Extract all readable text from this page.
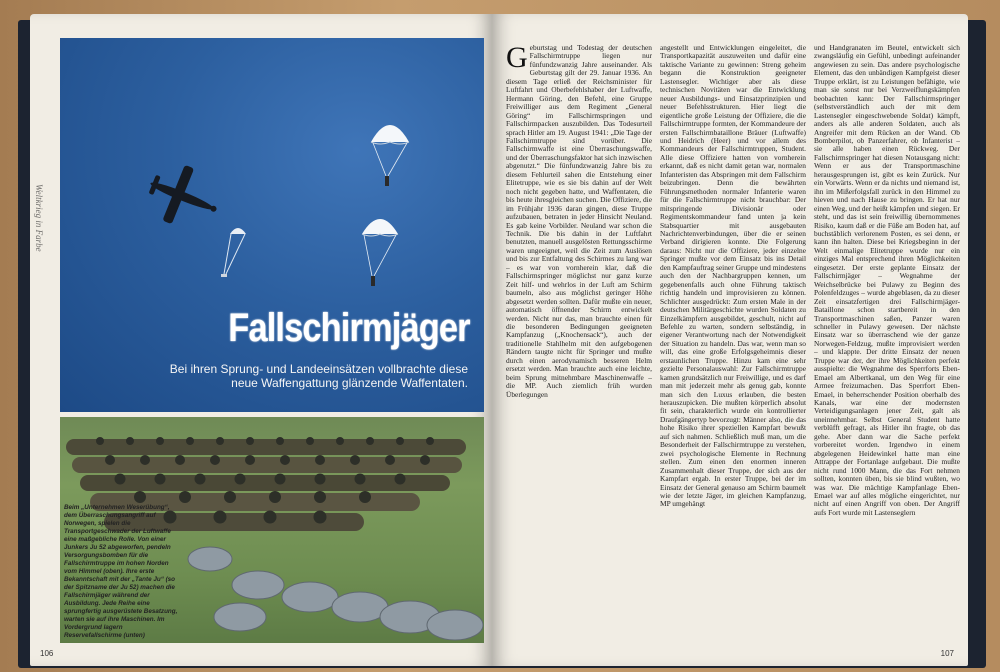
Weltkrieg in Farbe
Fallschirmjäger
Bei ihren Sprung- und Landeeinsätzen vollbrachte diese neue Waffengattung glänzende Waffentaten.
Beim „Unternehmen Weserübung“, dem Überraschungsangriff auf Norwegen, spielen die Transportgeschwader der Luftwaffe eine maßgebliche Rolle. Von einer Junkers Ju 52 abgeworfen, pendeln Versorgungsbomben für die Fallschirmtruppe im hohen Norden vom Himmel (oben). Ihre erste Bekanntschaft mit der „Tante Ju“ (so der Spitzname der Ju 52) machen die Fallschirmjäger während der Ausbildung. Jede Reihe eine sprungfertig ausgerüstete Besatzung, warten sie auf ihre Maschinen. Im Vordergrund lagern Reservefallschirme (unten)
106
Geburtstag und Todestag der deutschen Fallschirmtruppe liegen nur fünfundzwanzig Jahre auseinander. Als Geburtstag gilt der 29. Januar 1936. An diesem Tage erließ der Reichsminister für Luftfahrt und Oberbefehlshaber der Luftwaffe, Hermann Göring, den Befehl, eine Gruppe Freiwilliger aus dem Regiment „General Göring“ im Fallschirmspringen und Fallschirmpacken auszubilden. Das Todesurteil sprach Hitler am 19. August 1941: „Die Tage der Fallschirmtruppe sind vorüber. Die Fallschirmwaffe ist eine Überraschungswaffe, und der Überraschungsfaktor hat sich inzwischen abgenutzt.“ Die fünfundzwanzig Jahre bis zu diesem Fehlurteil sahen die Entstehung einer Elitetruppe, wie es sie bis dahin auf der Welt noch nicht gegeben hatte, und Waffentaten, die bis heute ihresgleichen suchen. Die Offiziere, die im Frühjahr 1936 daran gingen, diese Truppe aufzubauen, betraten in jeder Hinsicht Neuland. Es gab keine Vorbilder. Neuland war schon die Technik. Die bis dahin in der Luftfahrt benutzten, manuell ausgelösten Rettungsschirme waren ungeeignet, weil die Zeit zum Auslösen und bis zur Entfaltung des Schirmes zu lang war – es war von vornherein klar, daß die Fallschirmspringer möglichst nur ganz kurze Zeit hilf- und wehrlos in der Luft am Schirm baumeln, also aus möglichst geringer Höhe abgesetzt werden sollten. Dafür mußte ein neuer, automatisch öffnender Schirm entwickelt werden. Nicht nur das, man brauchte einen für die besonderen Bedingungen geeigneten Kampfanzug („Knochensack“), auch der traditionelle Stahlhelm mit den aufgebogenen Rändern taugte nicht für Springer und mußte durch einen aerodynamisch besseren Helm ersetzt werden. Man brauchte auch eine leichte, beim Sprung mitnehmbare Maschinenwaffe – die MP. Auch ziemlich früh wurden Überlegungen
angestellt und Entwicklungen eingeleitet, die Transportkapazität auszuweiten und dafür eine taktische Variante zu gewinnen: Streng geheim begann die Konstruktion geeigneter Lastensegler. Wichtiger aber als diese technischen Novitäten war die Entwicklung neuer Ausbildungs- und Einsatzprinzipien und neuer Befehlsstrukturen. Hier liegt die eigentliche große Leistung der Offiziere, die die Fallschirmtruppe formten, der Kommandeure der ersten Fallschirmbataillone Bräuer (Luftwaffe) und Heidrich (Heer) und vor allem des Kommandeurs der Fallschirmtruppen, Student. Alle diese Offiziere hatten von vornherein erkannt, daß es nicht damit getan war, normalen Infanteristen das Abspringen mit dem Fallschirm beizubringen. Denn die bewährten Führungsmethoden normaler Infanterie waren für die Fallschirmtruppe nicht brauchbar: Der mitspringende Divisionär oder Regimentskommandeur fand unten ja kein Stabsquartier mit ausgebauten Nachrichtenverbindungen, über die er seinen Verband dirigieren konnte. Die Folgerung daraus: Nicht nur die Offiziere, jeder einzelne Springer mußte vor dem Einsatz bis ins Detail den Kampfauftrag seiner Gruppe und mindestens auch den der Nachbargruppen kennen, um gegebenenfalls auch ohne Führung taktisch richtig handeln und improvisieren zu können. Schlichter ausgedrückt: Zum ersten Male in der deutschen Militärgeschichte wurden Soldaten zu Einzelkämpfern ausgebildet, geschult, nicht auf Befehle zu warten, sondern selbständig, in eigener Verantwortung nach der Notwendigkeit der Situation zu handeln. Das war, wenn man so will, das eine große Erfolgsgeheimnis dieser erstaunlichen Truppe. Hinzu kam eine sehr gezielte Personalauswahl: Zur Fallschirmtruppe kamen grundsätzlich nur Freiwillige, und es darf man mit jederzeit mehr als genug gab, konnte man sich den Luxus erlauben, die besten herauszupicken. Die mußten körperlich absolut fit sein, charakterlich wurde ein kontrollierter Draufgängertyp bevorzugt: Männer also, die das hohe Risiko ihrer speziellen Kampfart bewußt auf sich nahmen. Schließlich muß man, um die Besonderheit der Fallschirmtruppe zu verstehen, zwei psychologische Elemente in Rechnung stellen. Zum einen den enormen inneren Zusammenhalt dieser Truppe, der sich aus der Kampfart ergab. In erster Truppe, bei der im Einsatz der General genauso am Schirm baumelt wie der letzte Jäger, im gleichen Kampfanzug, MP umgehängt
und Handgranaten im Beutel, entwickelt sich zwangsläufig ein Gefühl, unbedingt aufeinander angewiesen zu sein. Das andere psychologische Element, das den unbändigen Kampfgeist dieser Truppe erklärt, ist zu Leistungen befähigte, wie man sie sonst nur bei Verzweiflungskämpfen beobachten kann: Der Fallschirmspringer (selbstverständlich auch der mit dem Lastensegler eingeschwebende Soldat) kämpft, anders als alle anderen Soldaten, auch als Angreifer mit dem Rücken an der Wand. Ob Bomberpilot, ob Panzerfahrer, ob Infanterist – sie alle haben einen Rückweg. Der Fallschirmspringer hat diesen Notausgang nicht: Wenn er aus der Transportmaschine herausgesprungen ist, gibt es kein Zurück. Nur ein Vorwärts. Wenn er da nichts und niemand ist, ihn im Mißerfolgsfall zurück in den Himmel zu hieven und nach Hause zu bringen. Er hat nur einen Weg, und der heißt kämpfen und siegen. Er steht, und das ist sein freiwillig übernommenes Risiko, kaum daß er die Füße am Boden hat, auf buchstäblich verlorenem Posten, es sei denn, er kann ihn halten. Diese bei Kriegsbeginn in der Welt einmalige Elitetruppe wurde nur ein einziges Mal entsprechend ihren Möglichkeiten eingesetzt. Der erste geplante Einsatz der Fallschirmjäger – Wegnahme der Weichselbrücke bei Pulawy zu Beginn des Polenfeldzuges – wurde abgeblasen, da zu dieser Zeit einsatzfertigen drei Fallschirmjäger-Bataillone schon startbereit in den Transportmaschinen saßen, Panzer waren schneller in Pulawy gewesen. Der nächste Einsatz war so überraschend wie der ganze Norwegen-Feldzug, mußte improvisiert werden – und klappte. Der dritte Einsatz der neuen Truppe war der, der ihre Möglichkeiten perfekt ausspielte: die Wegnahme des Sperrforts Eben-Emael am Albertkanal, um den Weg für eine Armee freizumachen. Das Sperrfort Eben-Emael, in beherrschender Position oberhalb des Kanals, war eine der modernsten Verteidigungsanlagen jener Zeit, galt als uneinnehmbar. Selbst General Student hatte verblüfft gefragt, als Hitler ihn fragte, ob das gehe. Aber dann war die Sache perfekt vorbereitet worden. Irgendwo in einem abgelegenen Heidewinkel hatte man eine Attrappe der Fortanlage aufgebaut. Die mußte nicht rund 1000 Mann, die das Fort nehmen sollten, konnten üben, bis sie blind wußten, wo was war. Die mächtige Kampfanlage Eben-Emael war auf alles mögliche eingerichtet, nur nicht auf einen Angriff von oben. Der Angriff aufs Fort wurde mit Lastenseglern
107
